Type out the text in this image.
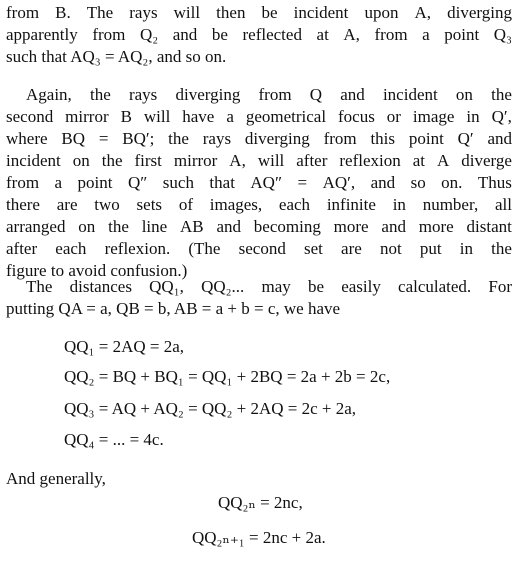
from B. The rays will then be incident upon A, diverging
apparently from Q₂ and be reflected at A, from a point Q₃
such that AQ₃ = AQ₂, and so on.
Again, the rays diverging from Q and incident on the
second mirror B will have a geometrical focus or image in Q′,
where BQ = BQ′; the rays diverging from this point Q′ and
incident on the first mirror A, will after reflexion at A diverge
from a point Q″ such that AQ″ = AQ′, and so on. Thus
there are two sets of images, each infinite in number, all
arranged on the line AB and becoming more and more distant
after each reflexion. (The second set are not put in the
figure to avoid confusion.)
The distances QQ₁, QQ₂... may be easily calculated. For
putting QA = a, QB = b, AB = a + b = c, we have
QQ₁ = 2AQ = 2a,
QQ₂ = BQ + BQ₁ = QQ₁ + 2BQ = 2a + 2b = 2c,
QQ₃ = AQ + AQ₂ = QQ₂ + 2AQ = 2c + 2a,
QQ₄ = ... = 4c.
And generally,
QQ₂ₙ = 2nc,
QQ₂ₙ₊₁ = 2nc + 2a.
